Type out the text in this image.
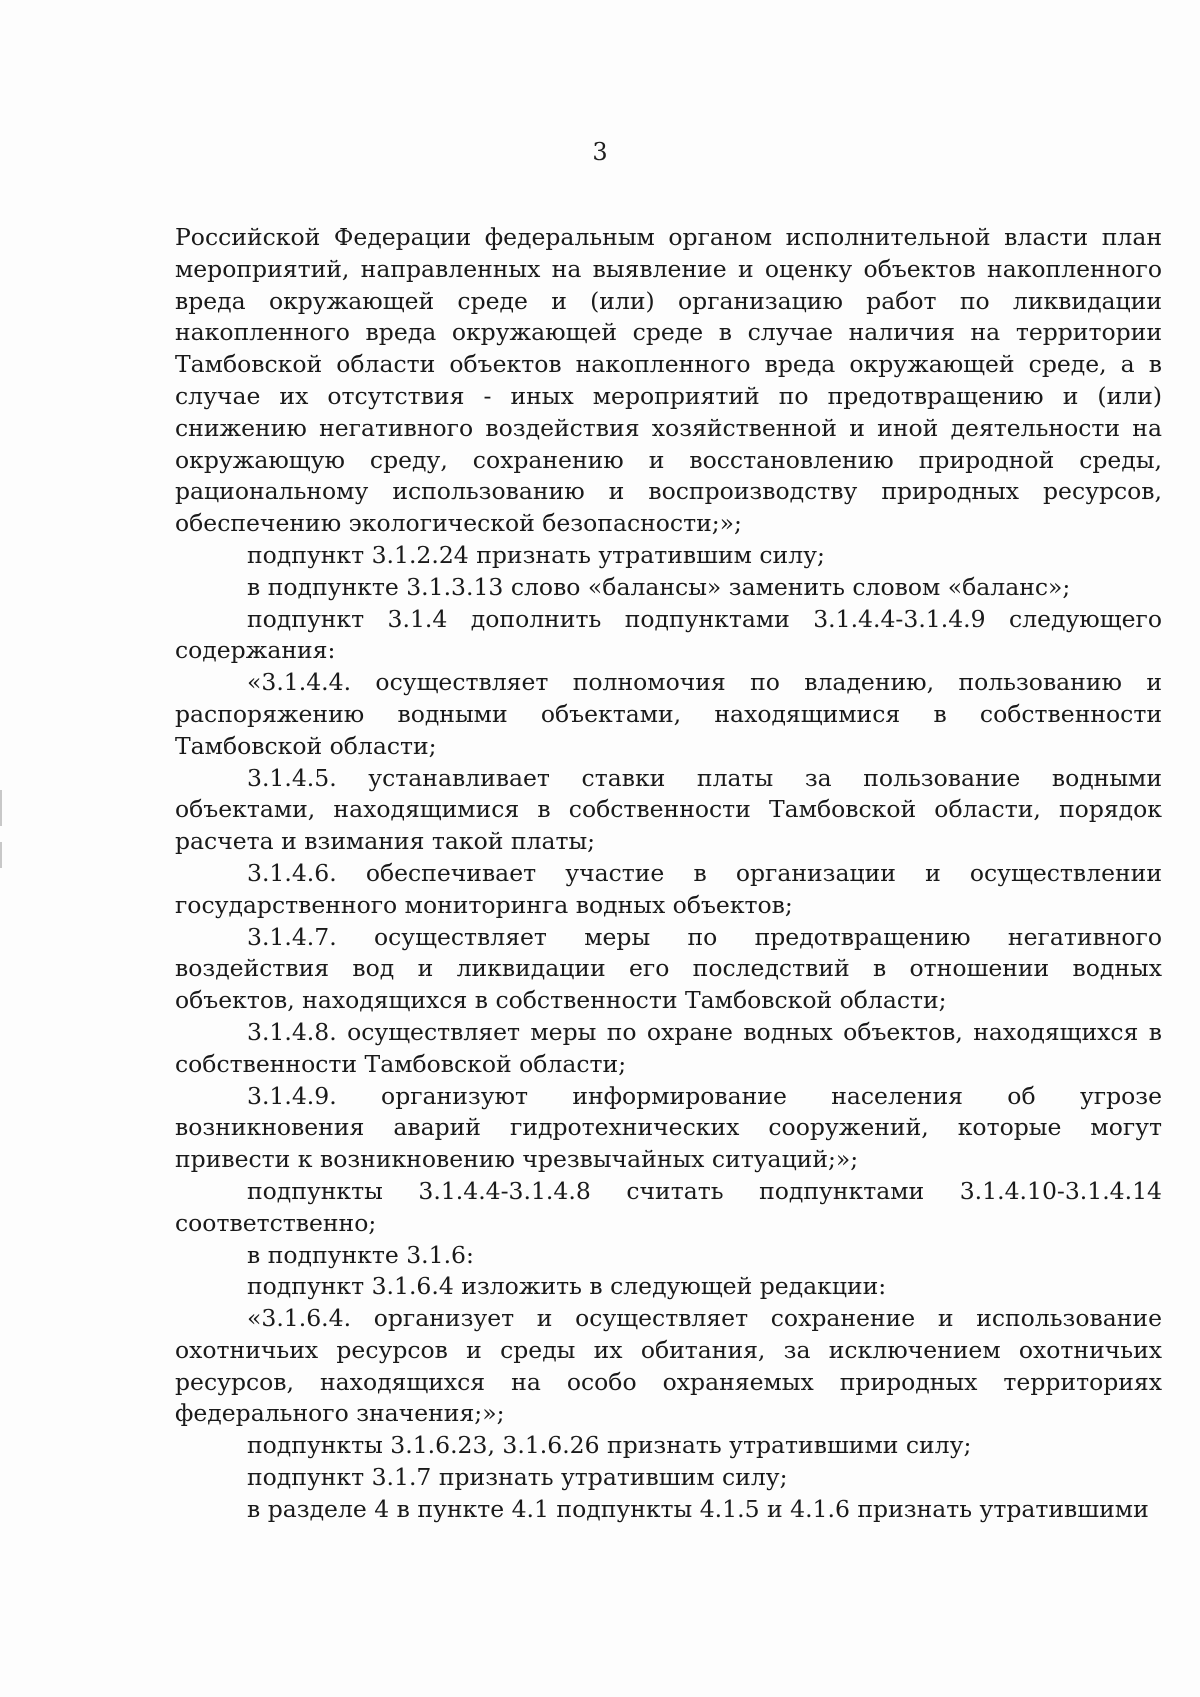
3

Российской Федерации федеральным органом исполнительной власти план мероприятий, направленных на выявление и оценку объектов накопленного вреда окружающей среде и (или) организацию работ по ликвидации накопленного вреда окружающей среде в случае наличия на территории Тамбовской области объектов накопленного вреда окружающей среде, а в случае их отсутствия - иных мероприятий по предотвращению и (или) снижению негативного воздействия хозяйственной и иной деятельности на окружающую среду, сохранению и восстановлению природной среды, рациональному использованию и воспроизводству природных ресурсов, обеспечению экологической безопасности;»;

подпункт 3.1.2.24 признать утратившим силу;

в подпункте 3.1.3.13 слово «балансы» заменить словом «баланс»;

подпункт 3.1.4 дополнить подпунктами 3.1.4.4-3.1.4.9 следующего содержания:

«3.1.4.4. осуществляет полномочия по владению, пользованию и распоряжению водными объектами, находящимися в собственности Тамбовской области;

3.1.4.5. устанавливает ставки платы за пользование водными объектами, находящимися в собственности Тамбовской области, порядок расчета и взимания такой платы;

3.1.4.6. обеспечивает участие в организации и осуществлении государственного мониторинга водных объектов;

3.1.4.7. осуществляет меры по предотвращению негативного воздействия вод и ликвидации его последствий в отношении водных объектов, находящихся в собственности Тамбовской области;

3.1.4.8. осуществляет меры по охране водных объектов, находящихся в собственности Тамбовской области;

3.1.4.9. организуют информирование населения об угрозе возникновения аварий гидротехнических сооружений, которые могут привести к возникновению чрезвычайных ситуаций;»;

подпункты 3.1.4.4-3.1.4.8 считать подпунктами 3.1.4.10-3.1.4.14 соответственно;

в подпункте 3.1.6:

подпункт 3.1.6.4 изложить в следующей редакции:

«3.1.6.4. организует и осуществляет сохранение и использование охотничьих ресурсов и среды их обитания, за исключением охотничьих ресурсов, находящихся на особо охраняемых природных территориях федерального значения;»;

подпункты 3.1.6.23, 3.1.6.26 признать утратившими силу;

подпункт 3.1.7 признать утратившим силу;

в разделе 4 в пункте 4.1 подпункты 4.1.5 и 4.1.6 признать утратившими
